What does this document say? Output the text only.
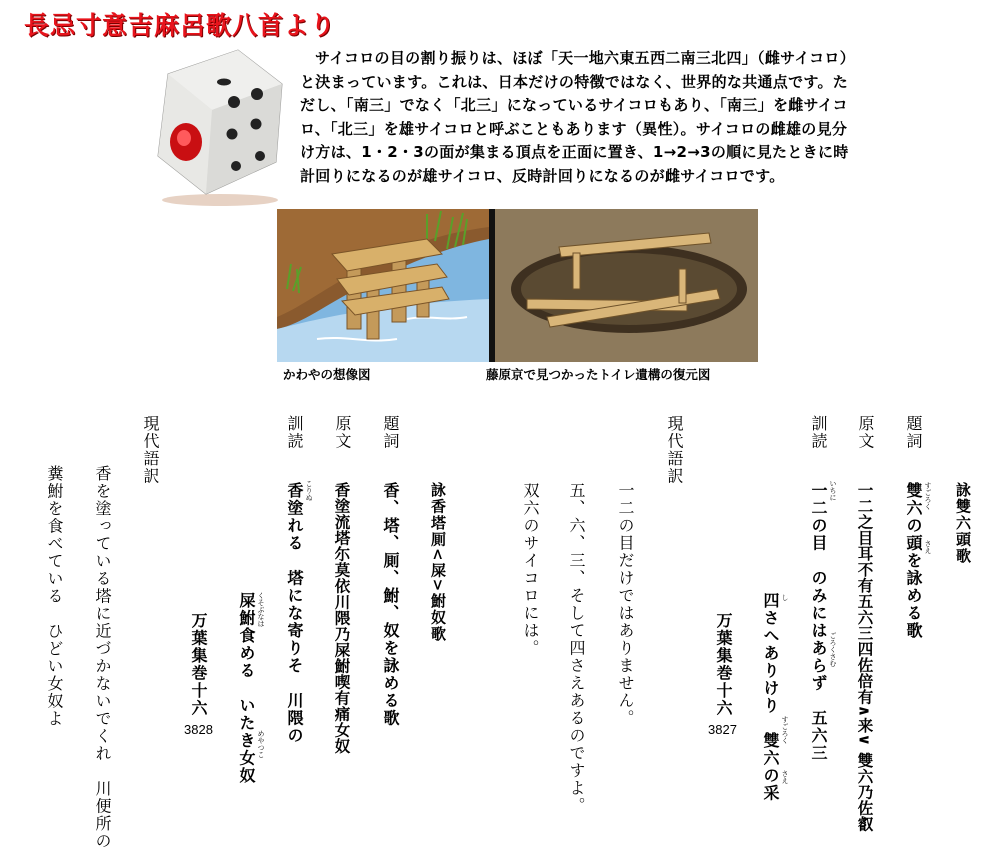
長忌寸意吉麻呂歌八首より
サイコロの目の割り振りは、ほぼ「天一地六東五西二南三北四」（雌サイコロ）と決まっています。これは、日本だけの特徴ではなく、世界的な共通点です。ただし、「南三」でなく「北三」になっているサイコロもあり、「南三」を雌サイコロ、「北三」を雄サイコロと呼ぶこともあります（異性）。サイコロの雌雄の見分け方は、1・2・3の面が集まる頂点を正面に置き、1→2→3の順に見たときに時計回りになるのが雄サイコロ、反時計回りになるのが雌サイコロです。
かわやの想像図	藤原京で見つかったトイレ遺構の復元図
詠雙六頭歌
題詞
雙六の頭を詠める歌 すごろく
さえ
原文
一二之目耳不有五六三四佐倍有∧来∨ 雙六乃佐叡
訓読
一二の目　のみにはあらず　五六三 いちに
ごろくさむ
四さへありけり　雙六の采 し
すごろく
さえ
万葉集巻十六
3827
現代語訳
一二の目だけではありません。
五、六、三、そして四さえあるのですよ。
双六のサイコロには。
詠香塔厠<屎>鮒奴歌
題詞
香、塔、厠、鮒、奴を詠める歌
原文
香塗流塔尓莫依川隈乃屎鮒喫有痛女奴
訓読
香塗れる　塔にな寄りそ　川隈の こりぬ
屎鮒食める　いたき女奴 くそぶなは
めやつこ
万葉集巻十六
3828
現代語訳
香を塗っている塔に近づかないでくれ　川便所の
糞鮒を食べている　ひどい女奴よ
